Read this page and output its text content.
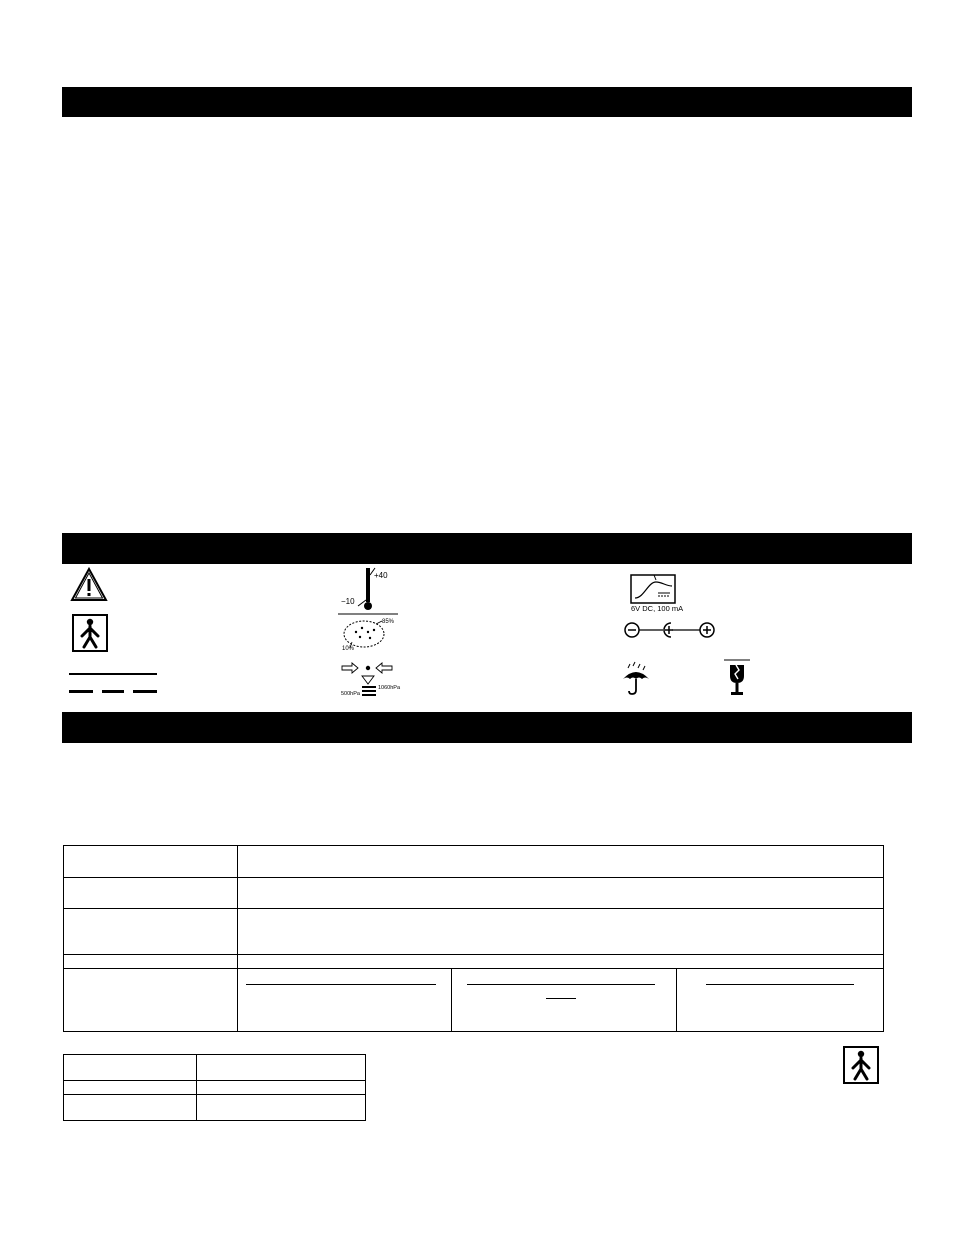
+40
−10
6V DC, 100 mA
85%
10%
1060hPa
500hPa
